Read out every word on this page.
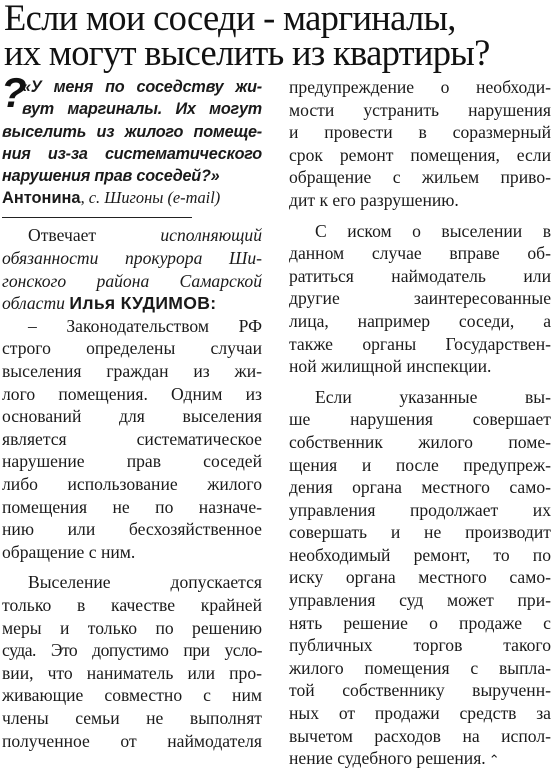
Если мои соседи - маргиналы,
их могут выселить из квартиры?
?
«У меня по соседству жи-
вут маргиналы. Их могут
выселить из жилого помеще-
ния из-за систематического
нарушения прав соседей?»
Антонина, с. Шигоны (e-mail)
Отвечает	исполняющий
обязанности прокурора Ши-
гонского района Самарской
области Илья КУДИМОВ:
– Законодательством РФ
строго определены случаи
выселения граждан из жи-
лого помещения. Одним из
оснований для выселения
является систематическое
нарушение прав соседей
либо использование жилого
помещения не по назначе-
нию или бесхозяйственное
обращение с ним.
Выселение допускается
только в качестве крайней
меры и только по решению
суда. Это допустимо при усло-
вии, что наниматель или про-
живающие совместно с ним
члены семьи не выполнят
полученное от наймодателя
предупреждение о необходи-
мости устранить нарушения
и провести в соразмерный
срок ремонт помещения, если
обращение с жильем приво-
дит к его разрушению.
С иском о выселении в
данном случае вправе об-
ратиться наймодатель или
другие заинтересованные
лица, например соседи, а
также органы Государствен-
ной жилищной инспекции.
Если указанные вы-
ше нарушения совершает
собственник жилого поме-
щения и после предупреж-
дения органа местного само-
управления продолжает их
совершать и не производит
необходимый ремонт, то по
иску органа местного само-
управления суд может при-
нять решение о продаже с
публичных торгов такого
жилого помещения с выпла-
той собственнику вырученн-
ных от продажи средств за
вычетом расходов на испол-
нение судебного решения. ⌃
